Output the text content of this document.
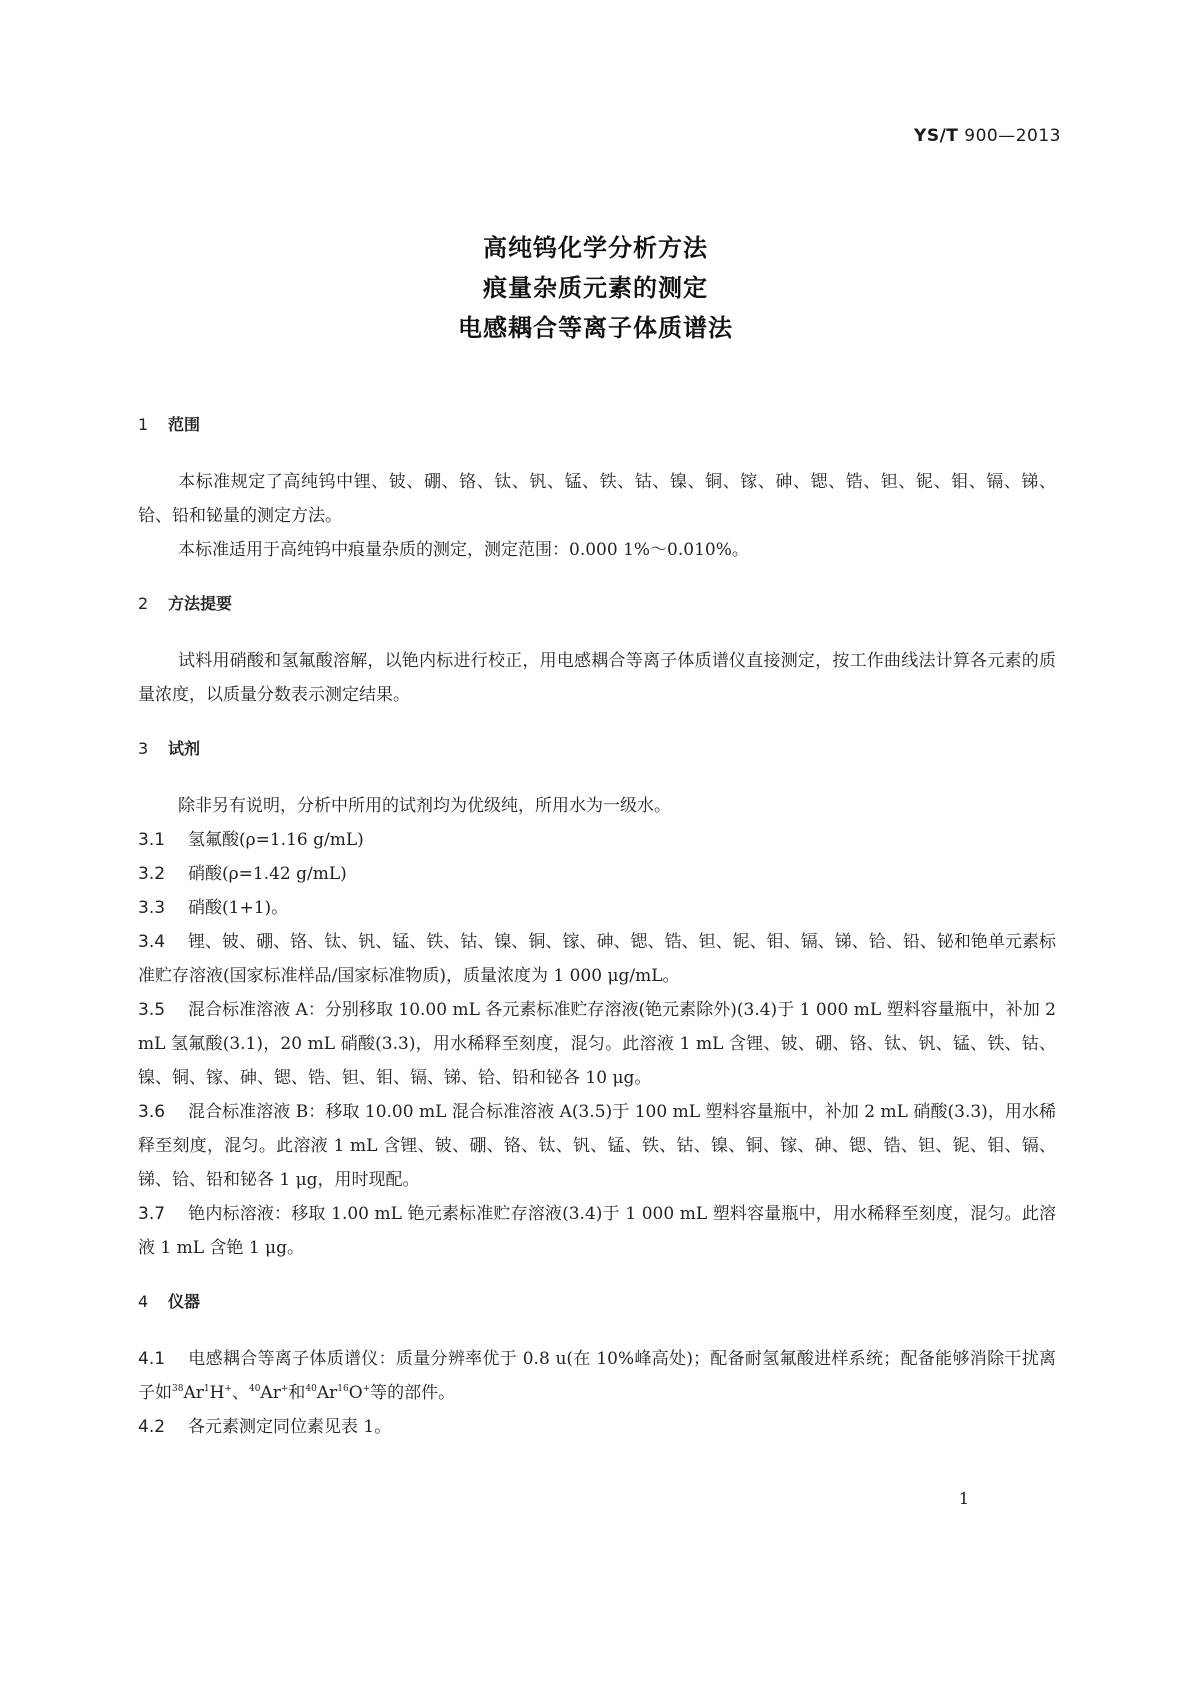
YS/T 900—2013
高纯钨化学分析方法
痕量杂质元素的测定
电感耦合等离子体质谱法
1 范围
本标准规定了高纯钨中锂、铍、硼、铬、钛、钒、锰、铁、钴、镍、铜、镓、砷、锶、锆、钽、铌、钼、镉、锑、铪、铅和铋量的测定方法。
本标准适用于高纯钨中痕量杂质的测定，测定范围：0.000 1%～0.010%。
2 方法提要
试料用硝酸和氢氟酸溶解，以铯内标进行校正，用电感耦合等离子体质谱仪直接测定，按工作曲线法计算各元素的质量浓度，以质量分数表示测定结果。
3 试剂
除非另有说明，分析中所用的试剂均为优级纯，所用水为一级水。
3.1 氢氟酸(ρ=1.16 g/mL)
3.2 硝酸(ρ=1.42 g/mL)
3.3 硝酸(1+1)。
3.4 锂、铍、硼、铬、钛、钒、锰、铁、钴、镍、铜、镓、砷、锶、锆、钽、铌、钼、镉、锑、铪、铅、铋和铯单元素标准贮存溶液(国家标准样品/国家标准物质)，质量浓度为 1 000 μg/mL。
3.5 混合标准溶液 A：分别移取 10.00 mL 各元素标准贮存溶液(铯元素除外)(3.4)于 1 000 mL 塑料容量瓶中，补加 2 mL 氢氟酸(3.1)，20 mL 硝酸(3.3)，用水稀释至刻度，混匀。此溶液 1 mL 含锂、铍、硼、铬、钛、钒、锰、铁、钴、镍、铜、镓、砷、锶、锆、钽、钼、镉、锑、铪、铅和铋各 10 μg。
3.6 混合标准溶液 B：移取 10.00 mL 混合标准溶液 A(3.5)于 100 mL 塑料容量瓶中，补加 2 mL 硝酸(3.3)，用水稀释至刻度，混匀。此溶液 1 mL 含锂、铍、硼、铬、钛、钒、锰、铁、钴、镍、铜、镓、砷、锶、锆、钽、铌、钼、镉、锑、铪、铅和铋各 1 μg，用时现配。
3.7 铯内标溶液：移取 1.00 mL 铯元素标准贮存溶液(3.4)于 1 000 mL 塑料容量瓶中，用水稀释至刻度，混匀。此溶液 1 mL 含铯 1 μg。
4 仪器
4.1 电感耦合等离子体质谱仪：质量分辨率优于 0.8 u(在 10%峰高处)；配备耐氢氟酸进样系统；配备能够消除干扰离子如$^{38}$Ar$^1$H+、$^{40}$Ar+和$^{40}$Ar$^{16}$O+等的部件。
4.2 各元素测定同位素见表 1。
1
